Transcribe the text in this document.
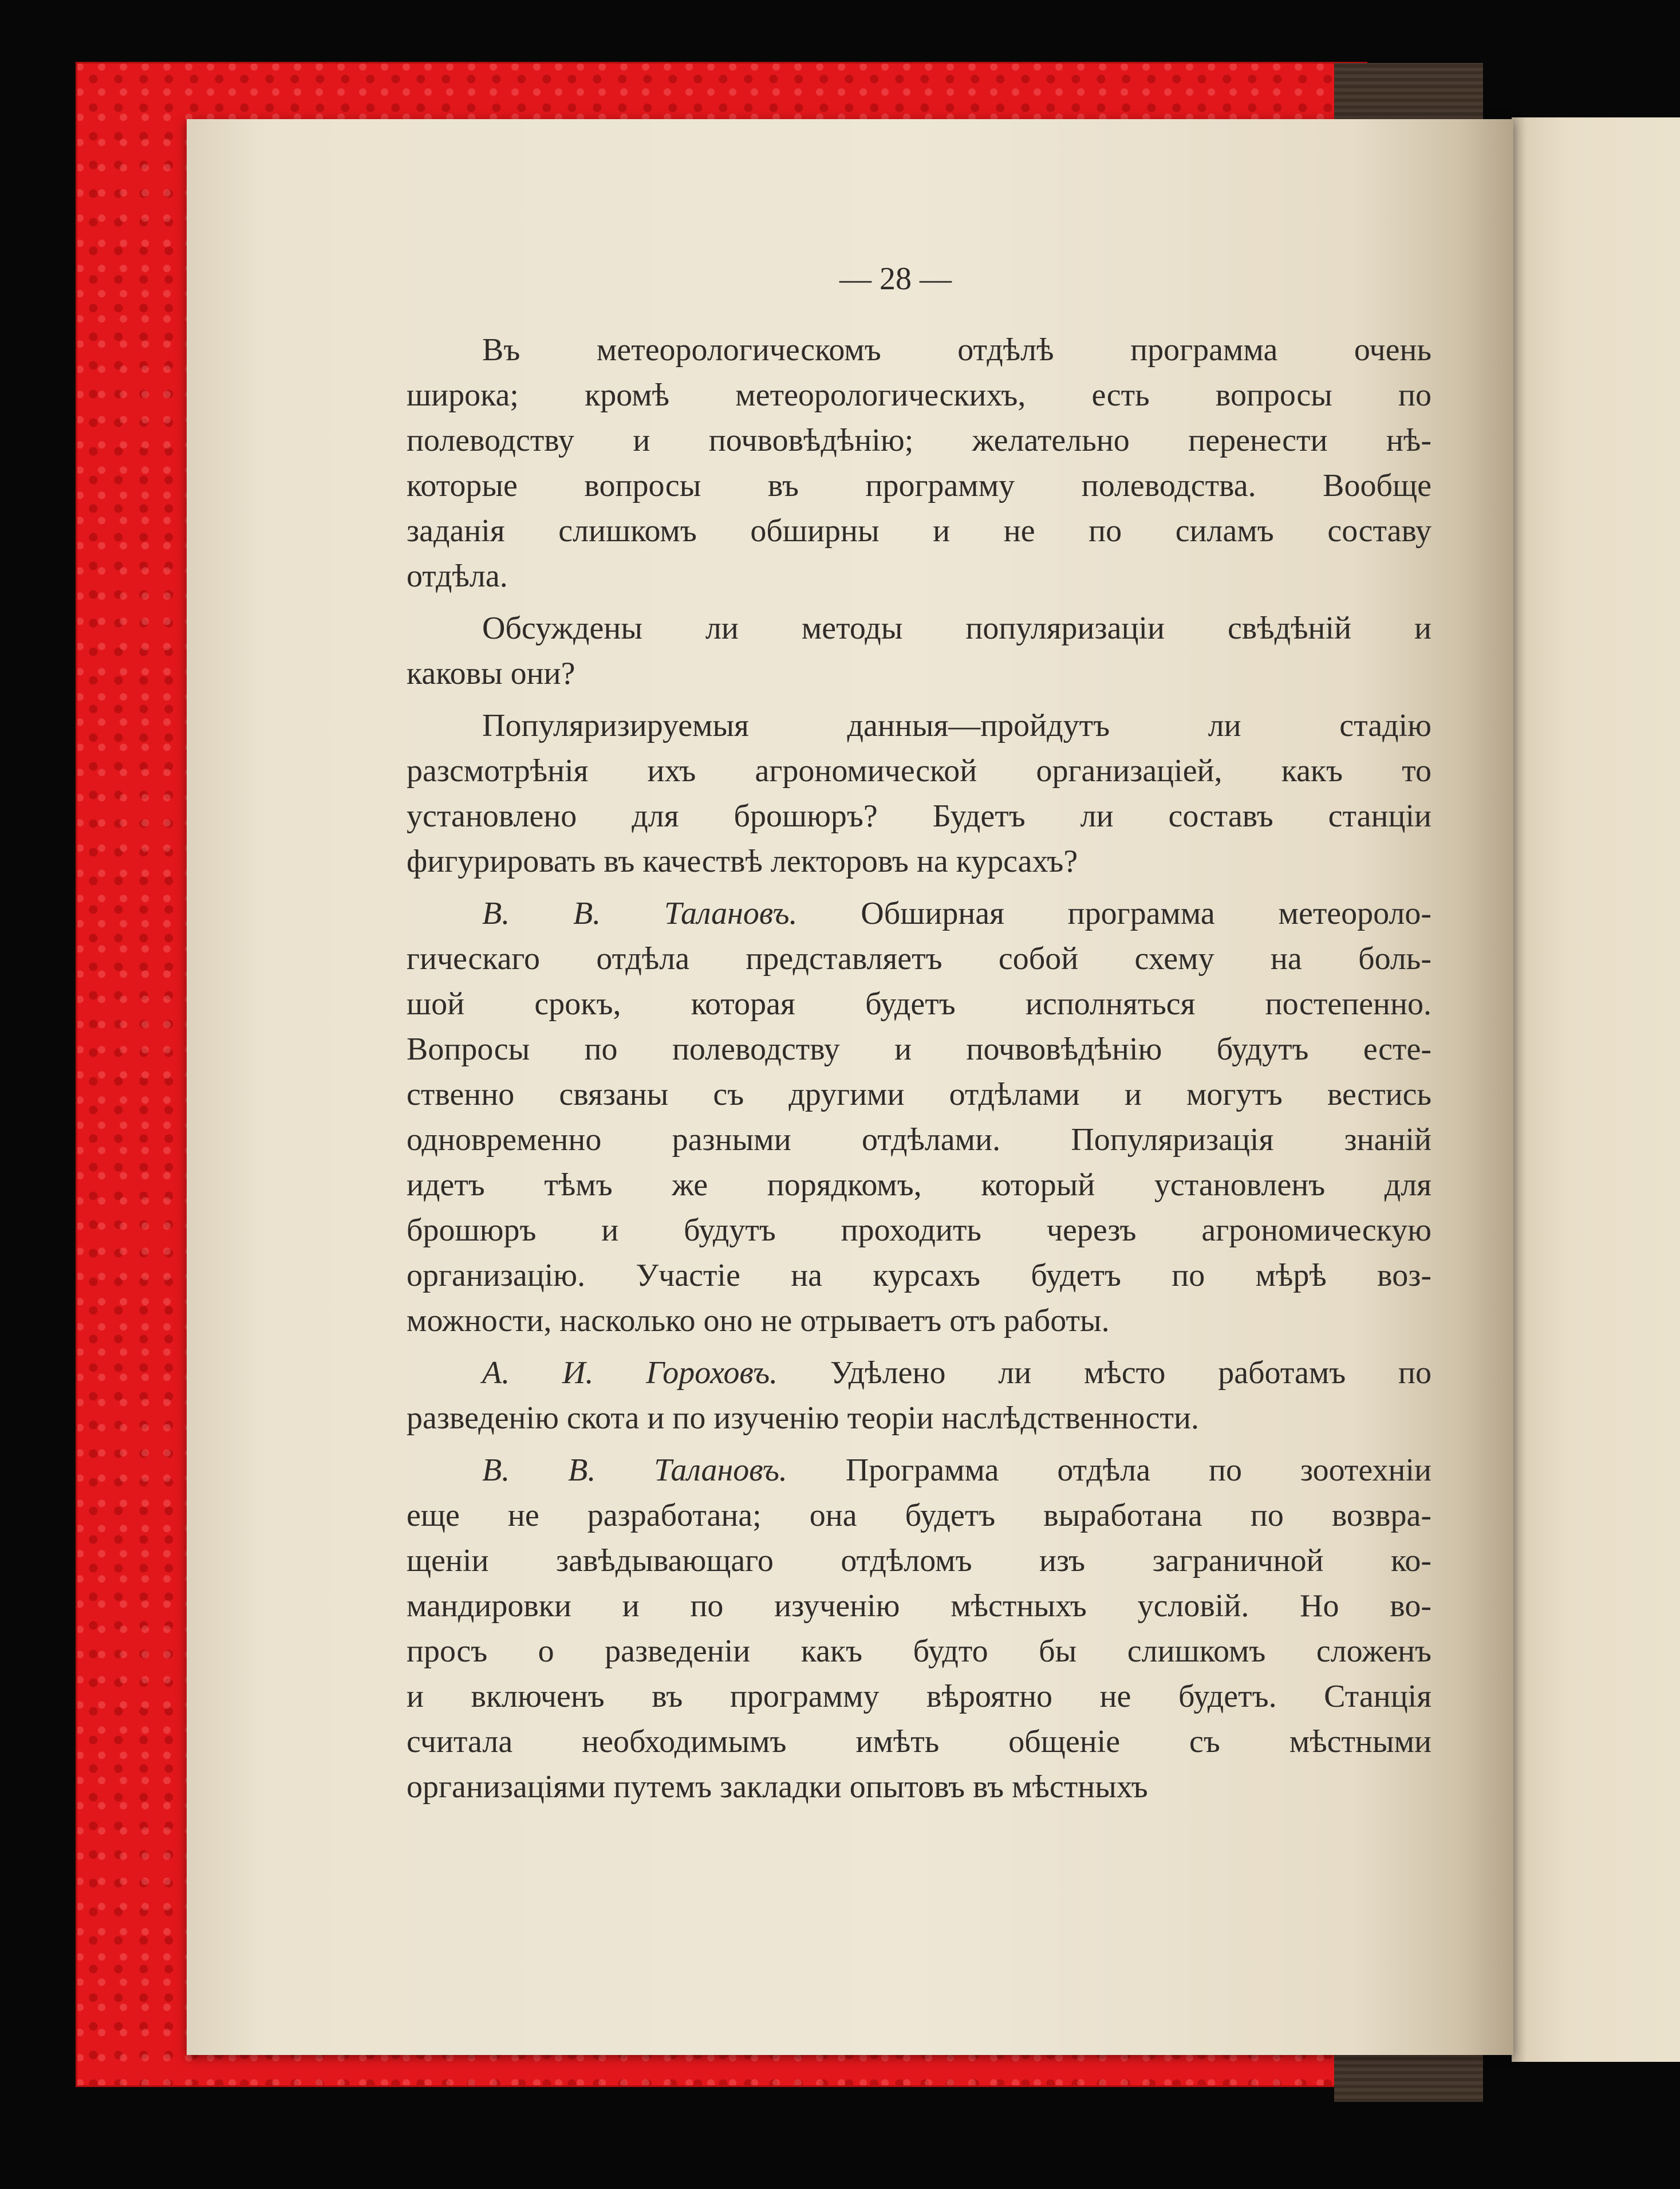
— 28 —
Въ метеорологическомъ отдѣлѣ программа очень
широка; кромѣ метеорологическихъ, есть вопросы по
полеводству и почвовѣдѣнію; желательно перенести нѣ-
которые вопросы въ программу полеводства. Вообще
заданія слишкомъ обширны и не по силамъ составу
отдѣла.
Обсуждены ли методы популяризаціи свѣдѣній и
каковы они?
Популяризируемыя данныя—пройдутъ ли стадію
разсмотрѣнія ихъ агрономической организаціей, какъ то
установлено для брошюръ? Будетъ ли составъ станціи
фигурировать въ качествѣ лекторовъ на курсахъ?
В. В. Талановъ. Обширная программа метеороло-
гическаго отдѣла представляетъ собой схему на боль-
шой срокъ, которая будетъ исполняться постепенно.
Вопросы по полеводству и почвовѣдѣнію будутъ есте-
ственно связаны съ другими отдѣлами и могутъ вестись
одновременно разными отдѣлами. Популяризація знаній
идетъ тѣмъ же порядкомъ, который установленъ для
брошюръ и будутъ проходить черезъ агрономическую
организацію. Участіе на курсахъ будетъ по мѣрѣ воз-
можности, насколько оно не отрываетъ отъ работы.
А. И. Гороховъ. Удѣлено ли мѣсто работамъ по
разведенію скота и по изученію теоріи наслѣдственности.
В. В. Талановъ. Программа отдѣла по зоотехніи
еще не разработана; она будетъ выработана по возвра-
щеніи завѣдывающаго отдѣломъ изъ заграничной ко-
мандировки и по изученію мѣстныхъ условій. Но во-
просъ о разведеніи какъ будто бы слишкомъ сложенъ
и включенъ въ программу вѣроятно не будетъ. Станція
считала необходимымъ имѣть общеніе съ мѣстными
организаціями путемъ закладки опытовъ въ мѣстныхъ
